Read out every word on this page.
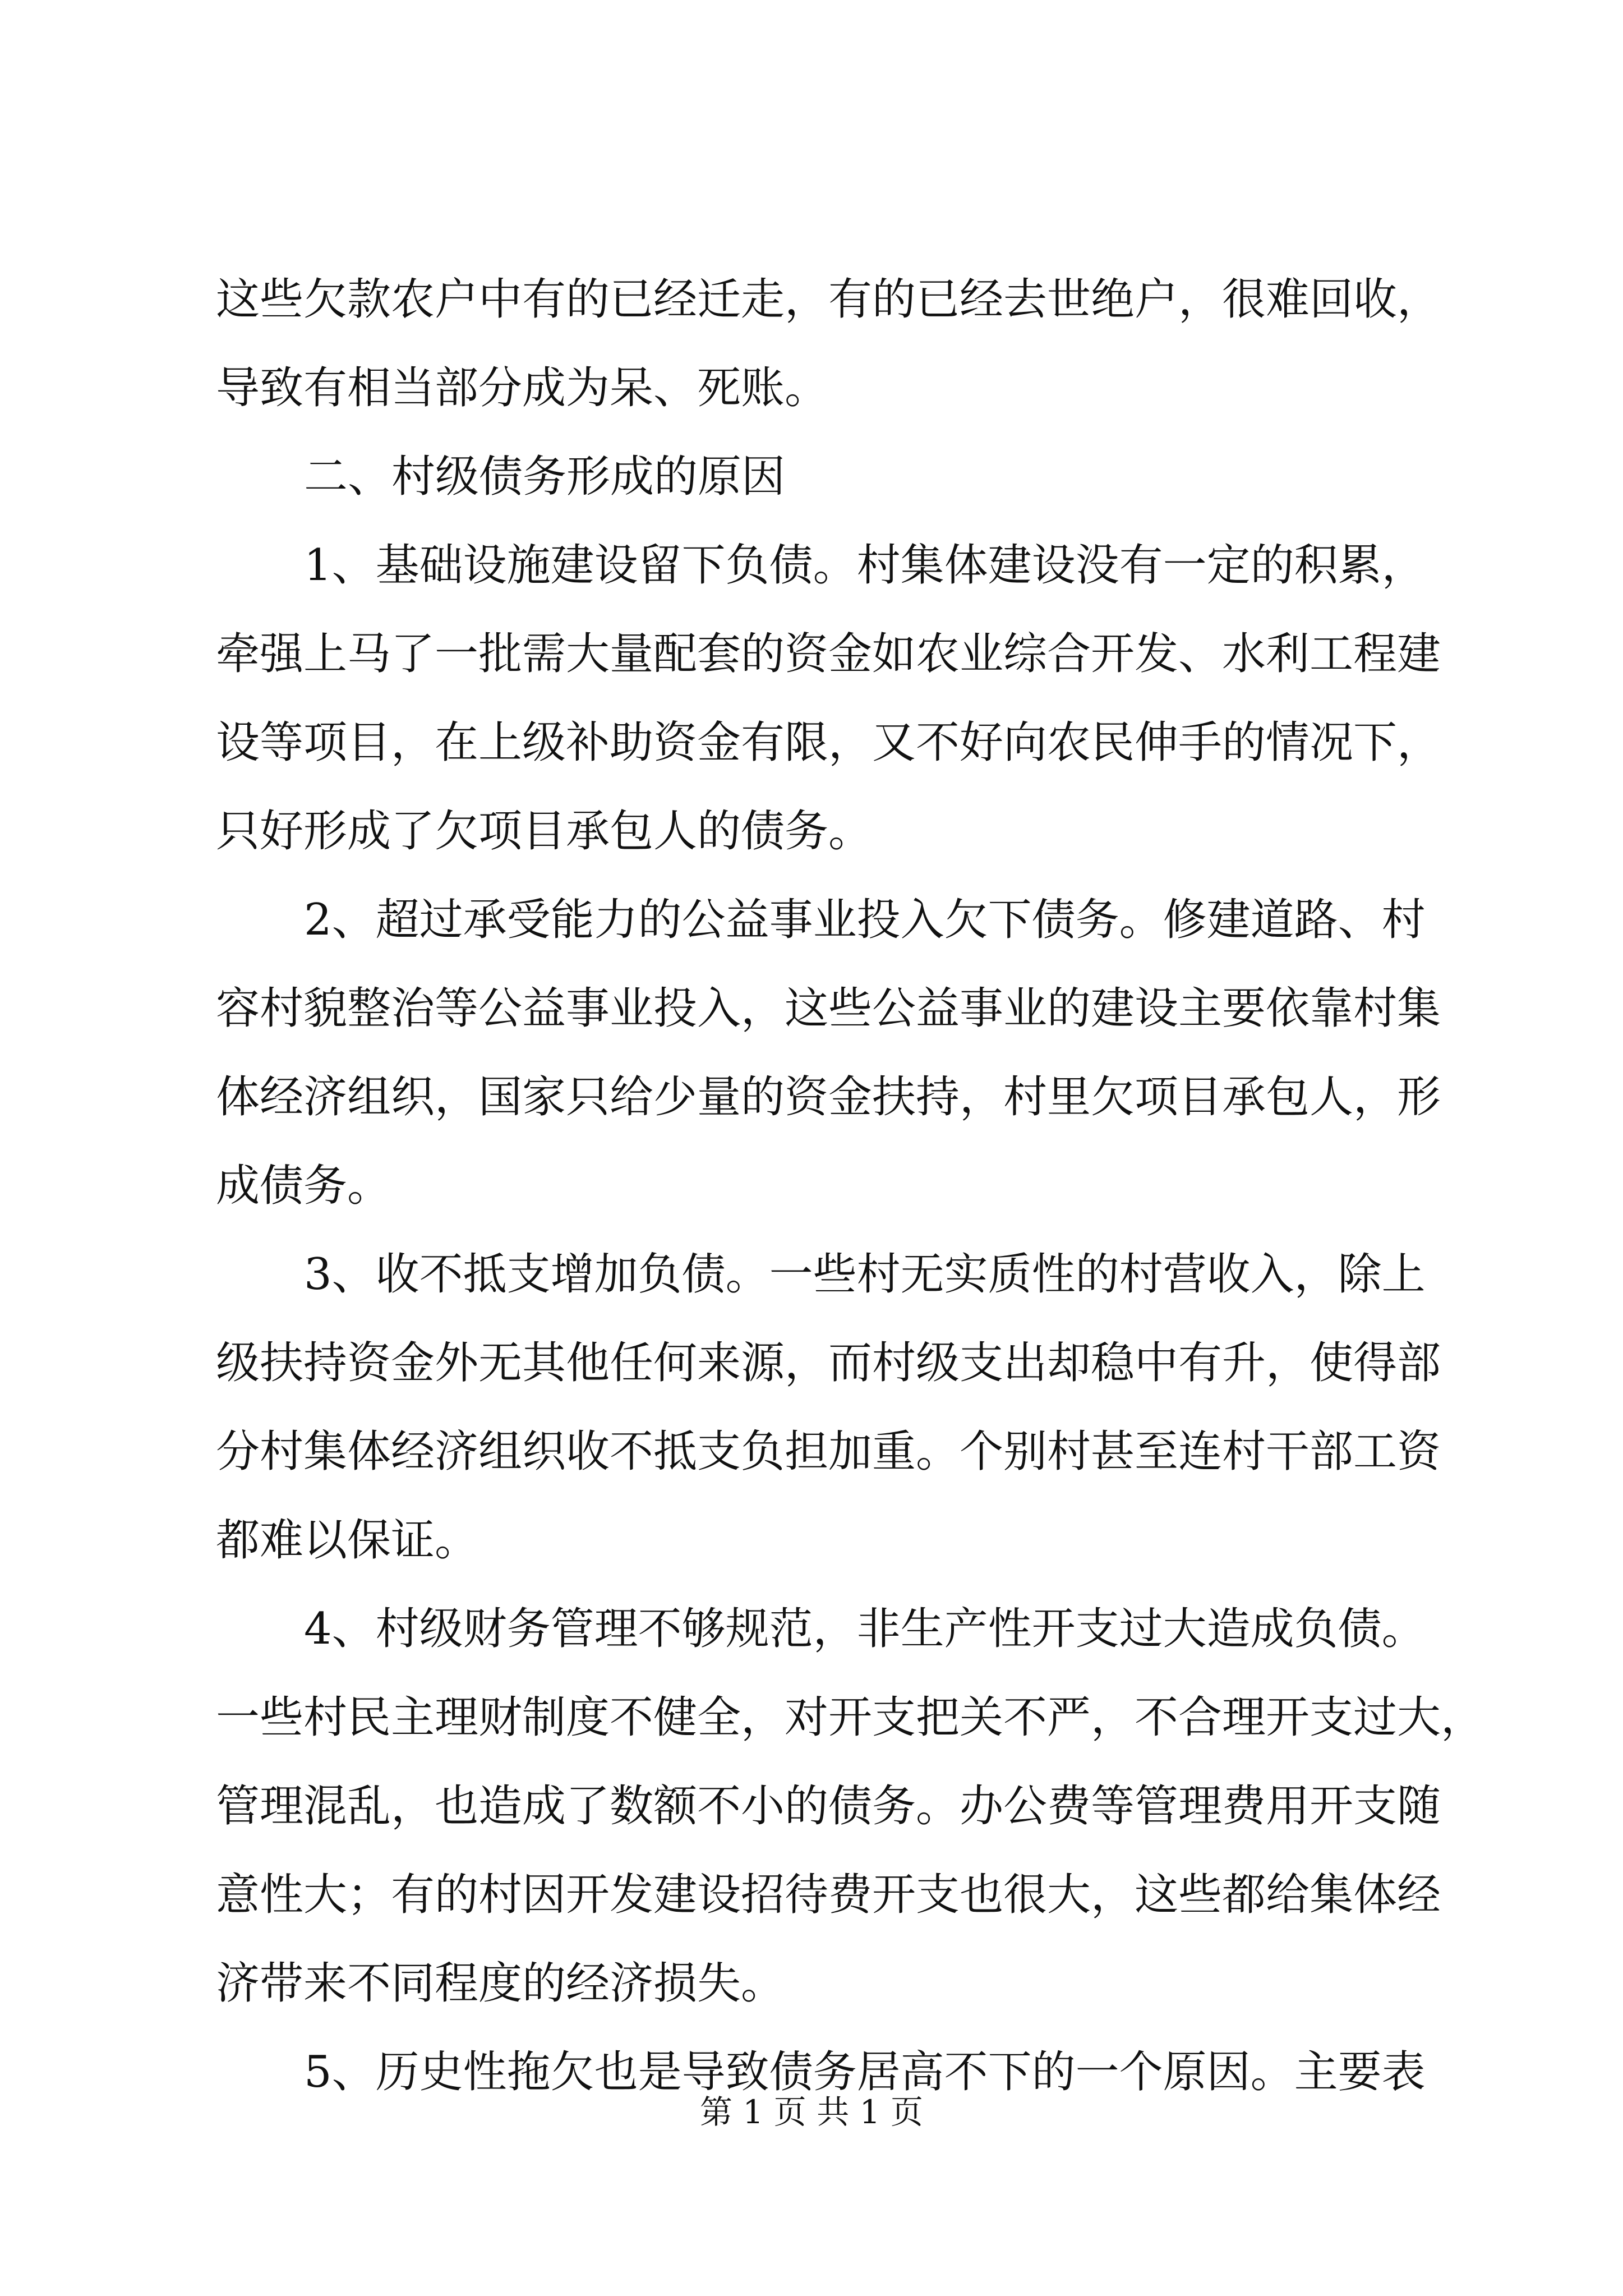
这些欠款农户中有的已经迁走，有的已经去世绝户，很难回收，
导致有相当部分成为呆、死账。
二、村级债务形成的原因
1、基础设施建设留下负债。村集体建设没有一定的积累，
牵强上马了一批需大量配套的资金如农业综合开发、水利工程建
设等项目，在上级补助资金有限，又不好向农民伸手的情况下，
只好形成了欠项目承包人的债务。
2、超过承受能力的公益事业投入欠下债务。修建道路、村
容村貌整治等公益事业投入，这些公益事业的建设主要依靠村集
体经济组织，国家只给少量的资金扶持，村里欠项目承包人，形
成债务。
3、收不抵支增加负债。一些村无实质性的村营收入，除上
级扶持资金外无其他任何来源，而村级支出却稳中有升，使得部
分村集体经济组织收不抵支负担加重。个别村甚至连村干部工资
都难以保证。
4、村级财务管理不够规范，非生产性开支过大造成负债。
一些村民主理财制度不健全，对开支把关不严，不合理开支过大，
管理混乱，也造成了数额不小的债务。办公费等管理费用开支随
意性大；有的村因开发建设招待费开支也很大，这些都给集体经
济带来不同程度的经济损失。
5、历史性拖欠也是导致债务居高不下的一个原因。主要表
第 1 页 共 1 页
